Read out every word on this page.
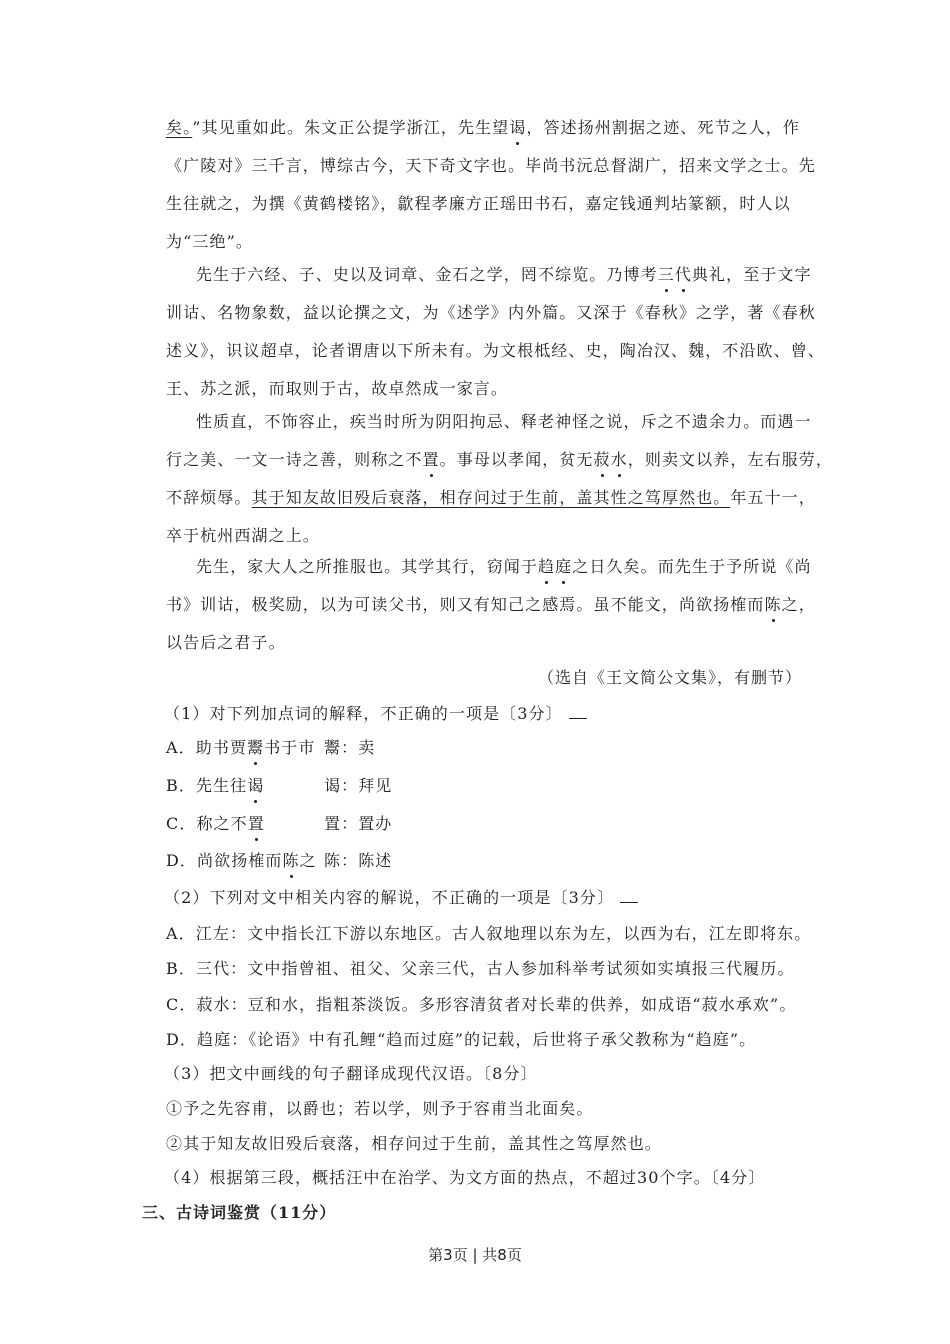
矣。”其见重如此。朱文正公提学浙江，先生望谒，答述扬州割据之迹、死节之人，作
《广陵对》三千言，博综古今，天下奇文字也。毕尚书沅总督湖广，招来文学之士。先
生往就之，为撰《黄鹤楼铭》，歙程孝廉方正瑶田书石，嘉定钱通判坫篆额，时人以
为“三绝”。
先生于六经、子、史以及词章、金石之学，罔不综览。乃博考三代典礼，至于文字
训诂、名物象数，益以论撰之文，为《述学》内外篇。又深于《春秋》之学，著《春秋
述义》，识议超卓，论者谓唐以下所未有。为文根柢经、史，陶冶汉、魏，不沿欧、曾、
王、苏之派，而取则于古，故卓然成一家言。
性质直，不饰容止，疾当时所为阴阳拘忌、释老神怪之说，斥之不遗余力。而遇一
行之美、一文一诗之善，则称之不置。事母以孝闻，贫无菽水，则卖文以养，左右服劳，
不辞烦辱。其于知友故旧殁后衰落，相存问过于生前，盖其性之笃厚然也。年五十一，
卒于杭州西湖之上。
先生，家大人之所推服也。其学其行，窃闻于趋庭之日久矣。而先生于予所说《尚
书》训诂，极奖励，以为可读父书，则又有知己之感焉。虽不能文，尚欲扬榷而陈之，
以告后之君子。
（选自《王文简公文集》，有删节）
（1）对下列加点词的解释，不正确的一项是〔3分〕
A．助书贾鬻书于市 鬻：卖
B．先生往谒	谒：拜见
C．称之不置	置：置办
D．尚欲扬榷而陈之 陈：陈述
（2）下列对文中相关内容的解说，不正确的一项是〔3分〕
A．江左：文中指长江下游以东地区。古人叙地理以东为左，以西为右，江左即将东。
B．三代：文中指曾祖、祖父、父亲三代，古人参加科举考试须如实填报三代履历。
C．菽水：豆和水，指粗茶淡饭。多形容清贫者对长辈的供养，如成语“菽水承欢”。
D．趋庭：《论语》中有孔鲤“趋而过庭”的记载，后世将子承父教称为“趋庭”。
（3）把文中画线的句子翻译成现代汉语。〔8分〕
①予之先容甫，以爵也；若以学，则予于容甫当北面矣。
②其于知友故旧殁后衰落，相存问过于生前，盖其性之笃厚然也。
（4）根据第三段，概括汪中在治学、为文方面的热点，不超过30个字。〔4分〕
三、古诗词鉴赏（11分）
第3页 | 共8页
